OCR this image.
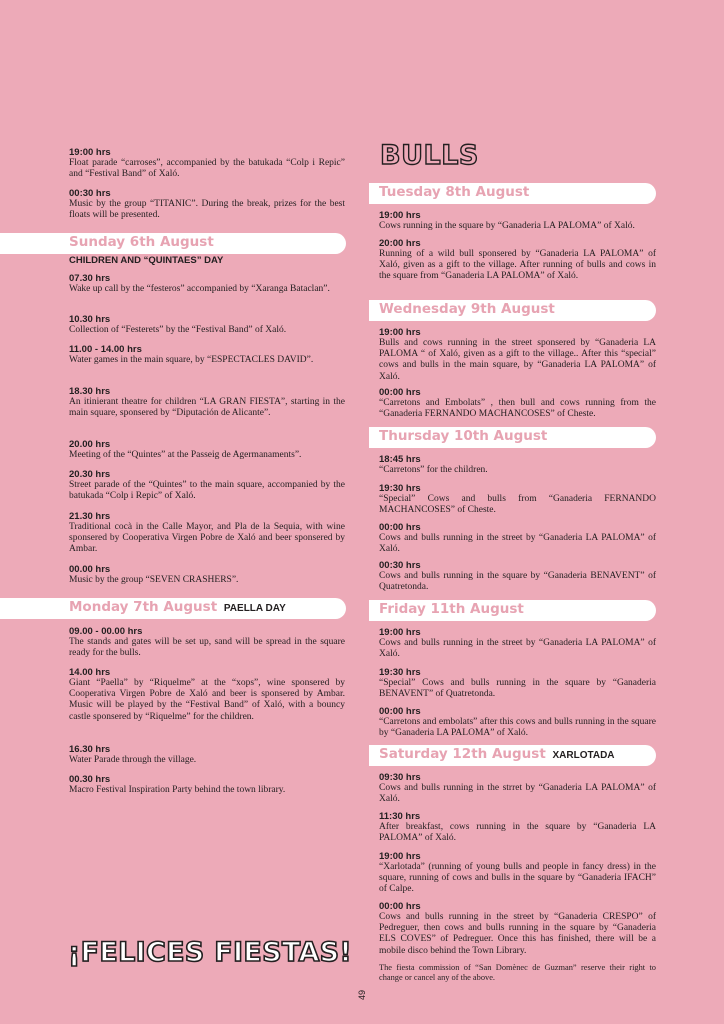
19:00 hrs

Float parade “carroses”, accompanied by the batukada “Colp i Repic” and “Festival Band” of Xaló.

00:30 hrs

Music by the group “TITANIC”. During the break, prizes for the best floats will be presented.

07.30 hrs

Wake up call by the “festeros” accompanied by “Xaranga Bataclan”.

10.30 hrs

Collection of “Festerets” by the “Festival Band” of Xaló.

11.00 - 14.00 hrs

Water games in the main square, by “ESPECTACLES DAVID”.

18.30 hrs

An itinierant theatre for children “LA GRAN FIESTA”, starting in the main square, sponsered by “Diputación de Alicante”.

20.00 hrs

Meeting of the “Quintes” at the Passeig de Agermanaments”.

20.30 hrs

Street parade of the “Quintes” to the main square, accompanied by the batukada “Colp i Repic” of Xaló.

21.30 hrs

Traditional cocà in the Calle Mayor, and Pla de la Sequia, with wine sponsered by Cooperativa Virgen Pobre de Xaló and beer sponsered by Ambar.

00.00 hrs

Music by the group “SEVEN CRASHERS”.

09.00 - 00.00 hrs

The stands and gates will be set up, sand will be spread in the square ready for the bulls.

14.00 hrs

Giant “Paella” by “Riquelme” at the “xops”, wine sponsered by Cooperativa Virgen Pobre de Xaló and beer is sponsered by Ambar. Music will be played by the “Festival Band” of Xaló, with a bouncy castle sponsered by “Riquelme” for the children.

16.30 hrs

Water Parade through the village.

00.30 hrs

Macro Festival Inspiration Party behind the town library.

Sunday 6th August
CHILDREN AND “QUINTAES” DAY
Monday 7th August PAELLA DAY
BULLS
Tuesday 8th August
Wednesday 9th August
Thursday 10th August
Friday 11th August
Saturday 12th August XARLOTADA

19:00 hrs

Cows running in the square by “Ganaderia LA PALOMA” of Xaló.

20:00 hrs

Running of a wild bull sponsered by “Ganaderia LA PALOMA” of Xaló, given as a gift to the village. After running of bulls and cows in the square from “Ganaderia LA PALOMA” of Xaló.

19:00 hrs

Bulls and cows running in the street sponsered by “Ganaderia LA PALOMA “ of Xaló, given as a gift to the village.. After this “special” cows and bulls in the main square, by “Ganaderia LA PALOMA” of Xaló.

00:00 hrs

“Carretons and Embolats” , then bull and cows running from the “Ganaderia FERNANDO MACHANCOSES” of Cheste.

18:45 hrs

“Carretons” for the children.

19:30 hrs

“Special” Cows and bulls from “Ganaderia FERNANDO MACHANCOSES” of Cheste.

00:00 hrs

Cows and bulls running in the street by “Ganaderia LA PALOMA” of Xaló.

00:30 hrs

Cows and bulls running in the square by “Ganaderia BENAVENT” of Quatretonda.

19:00 hrs

Cows and bulls running in the street by “Ganaderia LA PALOMA” of Xaló.

19:30 hrs

“Special” Cows and bulls running in the square by “Ganaderia BENAVENT” of Quatretonda.

00:00 hrs

“Carretons and embolats” after this cows and bulls running in the square by “Ganaderia LA PALOMA” of Xaló.

09:30 hrs

Cows and bulls running in the strret by “Ganaderia LA PALOMA” of Xaló.

11:30 hrs

After breakfast, cows running in the square by “Ganaderia LA PALOMA” of Xaló.

19:00 hrs

“Xarlotada” (running of young bulls and people in fancy dress) in the square, running of cows and bulls in the square by “Ganaderia IFACH” of Calpe.

00:00 hrs

Cows and bulls running in the street by “Ganaderia CRESPO” of Pedreguer, then cows and bulls running in the square by “Ganaderia ELS COVES” of Pedreguer. Once this has finished, there will be a mobile disco behind the Town Library.

The fiesta commission of “San Domènec de Guzman” reserve their right to change or cancel any of the above.

¡FELICES FIESTAS!
49
